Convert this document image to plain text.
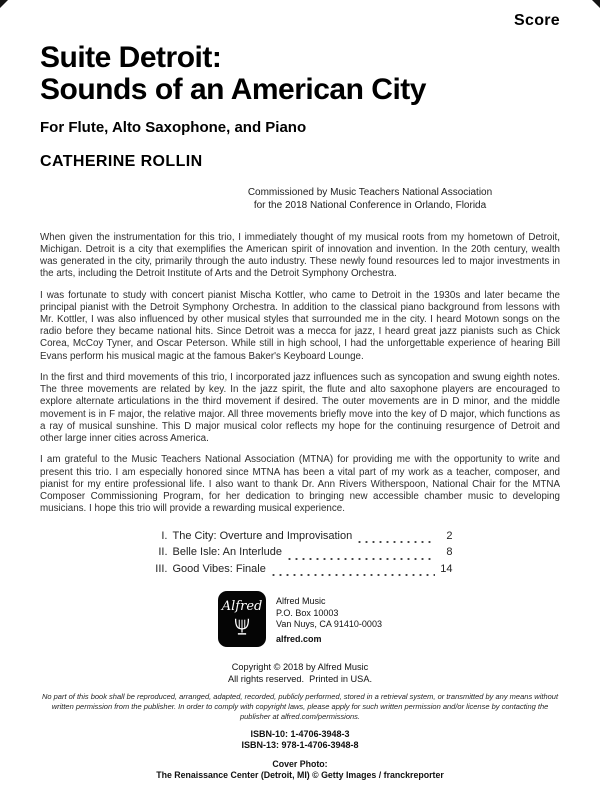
Score
Suite Detroit:
Sounds of an American City
For Flute, Alto Saxophone, and Piano
CATHERINE ROLLIN
Commissioned by Music Teachers National Association
for the 2018 National Conference in Orlando, Florida

When given the instrumentation for this trio, I immediately thought of my musical roots from my hometown of Detroit, Michigan. Detroit is a city that exemplifies the American spirit of innovation and invention. In the 20th century, wealth was generated in the city, primarily through the auto industry. These newly found resources led to major investments in the arts, including the Detroit Institute of Arts and the Detroit Symphony Orchestra.

I was fortunate to study with concert pianist Mischa Kottler, who came to Detroit in the 1930s and later became the principal pianist with the Detroit Symphony Orchestra. In addition to the classical piano background from lessons with Mr. Kottler, I was also influenced by other musical styles that surrounded me in the city. I heard Motown songs on the radio before they became national hits. Since Detroit was a mecca for jazz, I heard great jazz pianists such as Chick Corea, McCoy Tyner, and Oscar Peterson. While still in high school, I had the unforgettable experience of hearing Bill Evans perform his musical magic at the famous Baker's Keyboard Lounge.

In the first and third movements of this trio, I incorporated jazz influences such as syncopation and swung eighth notes. The three movements are related by key. In the jazz spirit, the flute and alto saxophone players are encouraged to explore alternate articulations in the third movement if desired. The outer movements are in D minor, and the middle movement is in F major, the relative major. All three movements briefly move into the key of D major, which functions as a ray of musical sunshine. This D major musical color reflects my hope for the continuing resurgence of Detroit and other large inner cities across America.

I am grateful to the Music Teachers National Association (MTNA) for providing me with the opportunity to write and present this trio. I am especially honored since MTNA has been a vital part of my work as a teacher, composer, and pianist for my entire professional life. I also want to thank Dr. Ann Rivers Witherspoon, National Chair for the MTNA Composer Commissioning Program, for her dedication to bringing new accessible chamber music to developing musicians. I hope this trio will provide a rewarding musical experience.

I. The City: Overture and Improvisation	2
II. Belle Isle: An Interlude	8
III. Good Vibes: Finale	14
Alfred Alfred Music
P.O. Box 10003
Van Nuys, CA 91410-0003
alfred.com
Copyright © 2018 by Alfred Music
All rights reserved.  Printed in USA.
No part of this book shall be reproduced, arranged, adapted, recorded, publicly performed, stored in a retrieval system, or transmitted by any means without written permission from the publisher. In order to comply with copyright laws, please apply for such written permission and/or license by contacting the publisher at alfred.com/permissions.
ISBN-10: 1-4706-3948-3
ISBN-13: 978-1-4706-3948-8
Cover Photo:
The Renaissance Center (Detroit, MI) © Getty Images / franckreporter
